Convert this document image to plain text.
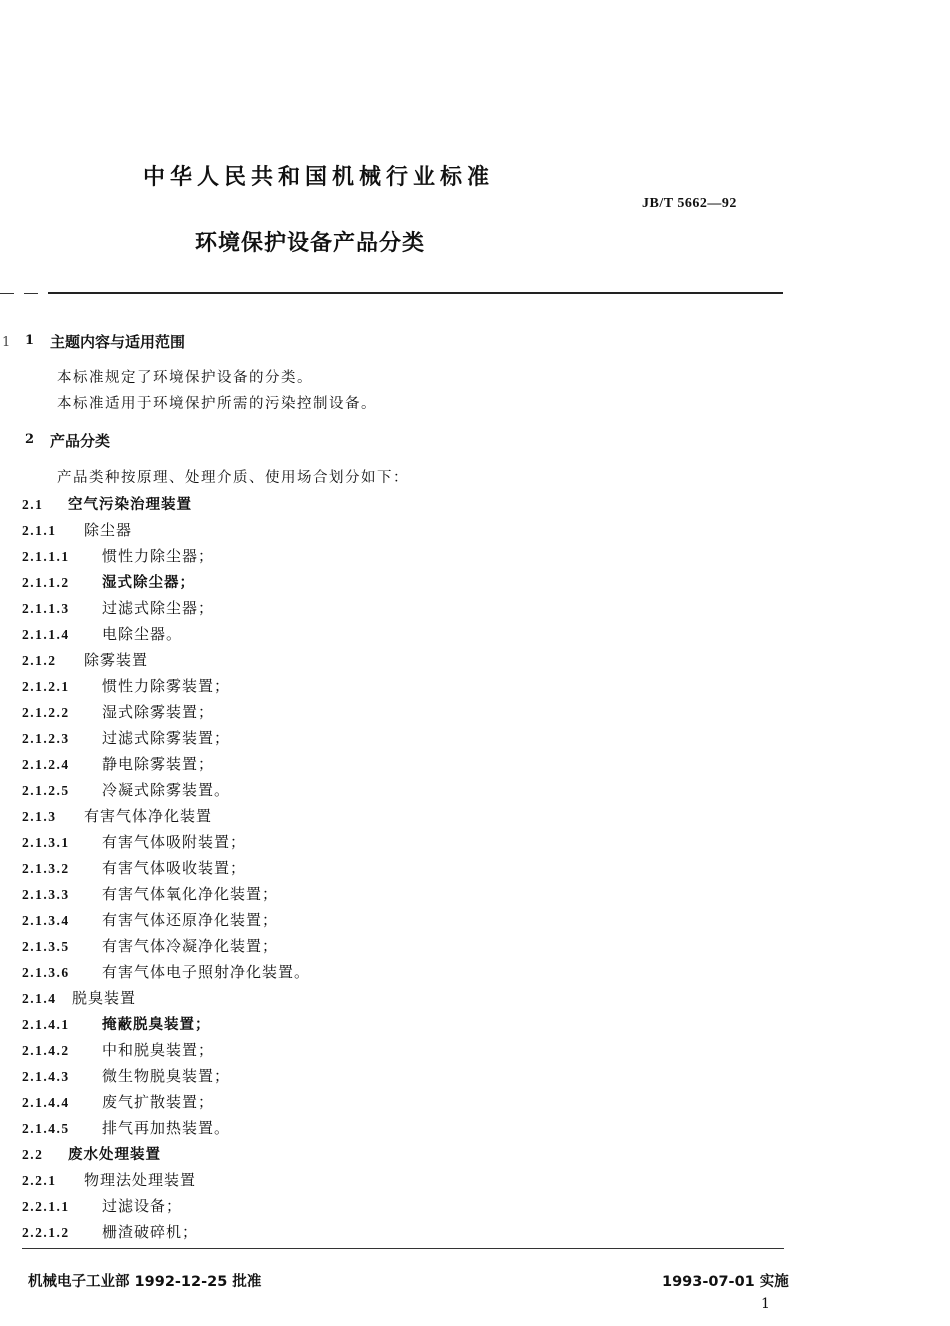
中华人民共和国机械行业标准
JB/T 5662—92
环境保护设备产品分类
1 1 主题内容与适用范围
本标准规定了环境保护设备的分类。
本标准适用于环境保护所需的污染控制设备。
2 产品分类
产品类种按原理、处理介质、使用场合划分如下：
2.1 空气污染治理装置
2.1.1 除尘器
2.1.1.1 惯性力除尘器；
2.1.1.2 湿式除尘器；
2.1.1.3 过滤式除尘器；
2.1.1.4 电除尘器。
2.1.2 除雾装置
2.1.2.1 惯性力除雾装置；
2.1.2.2 湿式除雾装置；
2.1.2.3 过滤式除雾装置；
2.1.2.4 静电除雾装置；
2.1.2.5 冷凝式除雾装置。
2.1.3 有害气体净化装置
2.1.3.1 有害气体吸附装置；
2.1.3.2 有害气体吸收装置；
2.1.3.3 有害气体氧化净化装置；
2.1.3.4 有害气体还原净化装置；
2.1.3.5 有害气体冷凝净化装置；
2.1.3.6 有害气体电子照射净化装置。
2.1.4 脱臭装置
2.1.4.1 掩蔽脱臭装置；
2.1.4.2 中和脱臭装置；
2.1.4.3 微生物脱臭装置；
2.1.4.4 废气扩散装置；
2.1.4.5 排气再加热装置。
2.2 废水处理装置
2.2.1 物理法处理装置
2.2.1.1 过滤设备；
2.2.1.2 栅渣破碎机；
机械电子工业部 1992-12-25 批准	1993-07-01 实施
1
